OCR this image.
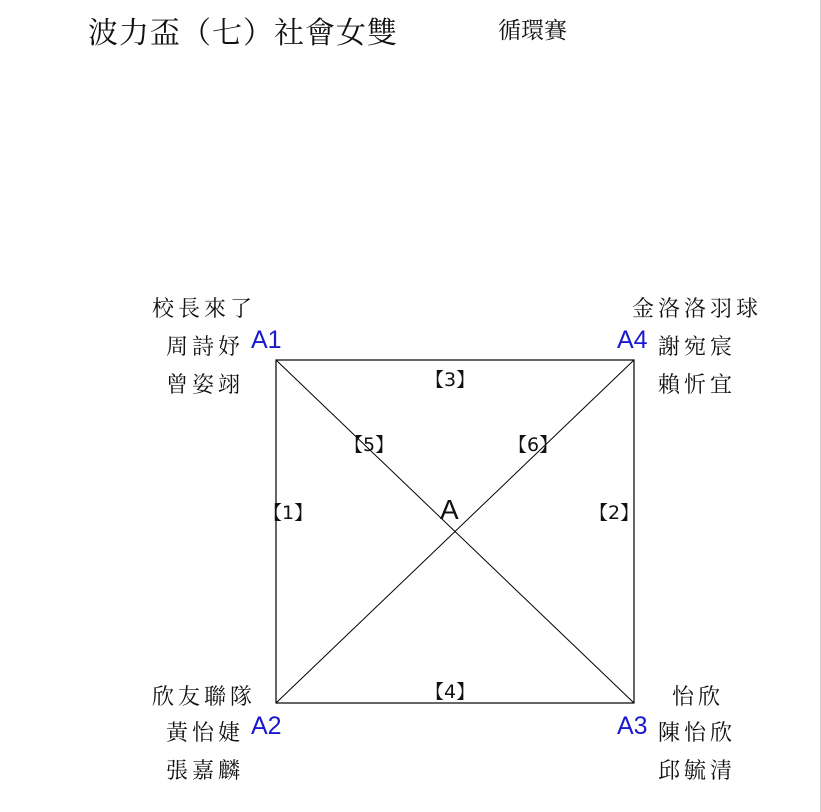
波力盃（七）社會女雙	循環賽
校長來了
周詩妤 A1
曾姿翊
金洛洛羽球
A4 謝宛宸
賴忻宜
欣友聯隊
黃怡婕 A2
張嘉麟
怡欣
A3 陳怡欣
邱毓清
【3】
【4】
【1】	【2】
【5】	【6】
A
